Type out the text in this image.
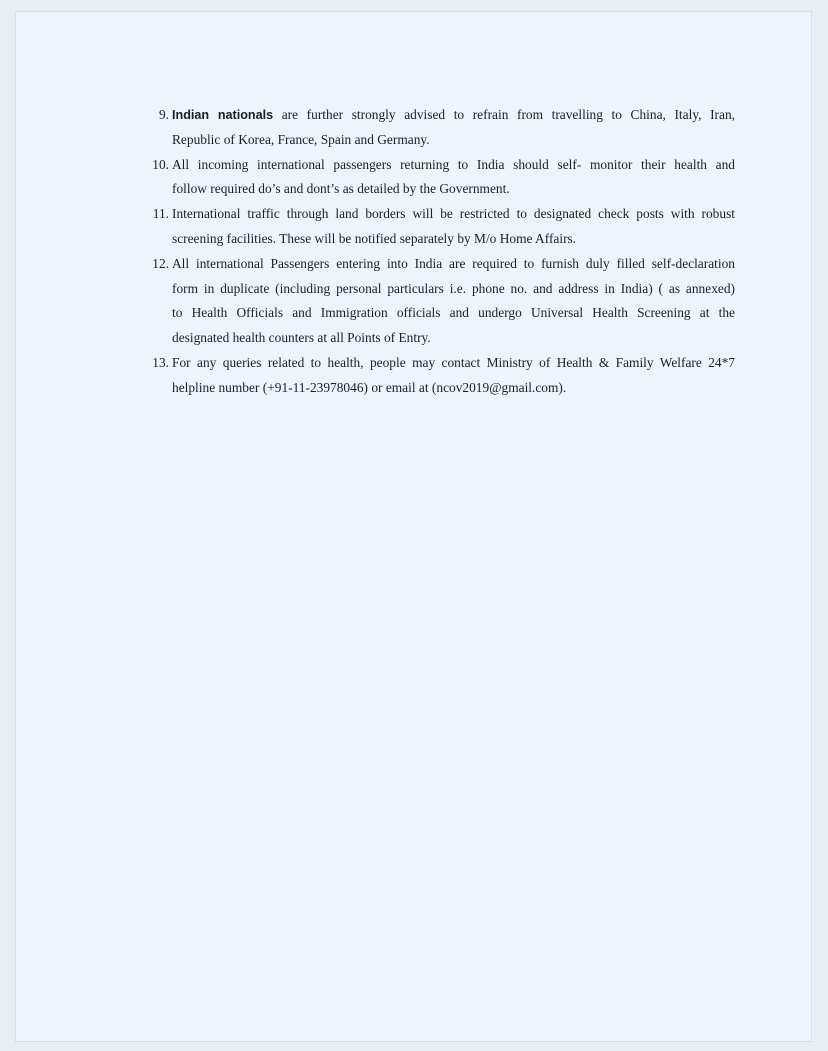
9. Indian nationals are further strongly advised to refrain from travelling to China, Italy, Iran,
Republic of Korea, France, Spain and Germany.
10. All incoming international passengers returning to India should self- monitor their health and
follow required do’s and dont’s as detailed by the Government.
11. International traffic through land borders will be restricted to designated check posts with robust
screening facilities. These will be notified separately by M/o Home Affairs.
12. All international Passengers entering into India are required to furnish duly filled self-declaration
form in duplicate (including personal particulars i.e. phone no. and address in India) ( as annexed)
to Health Officials and Immigration officials and undergo Universal Health Screening at the
designated health counters at all Points of Entry.
13. For any queries related to health, people may contact Ministry of Health & Family Welfare 24*7
helpline number (+91-11-23978046) or email at (ncov2019@gmail.com).
